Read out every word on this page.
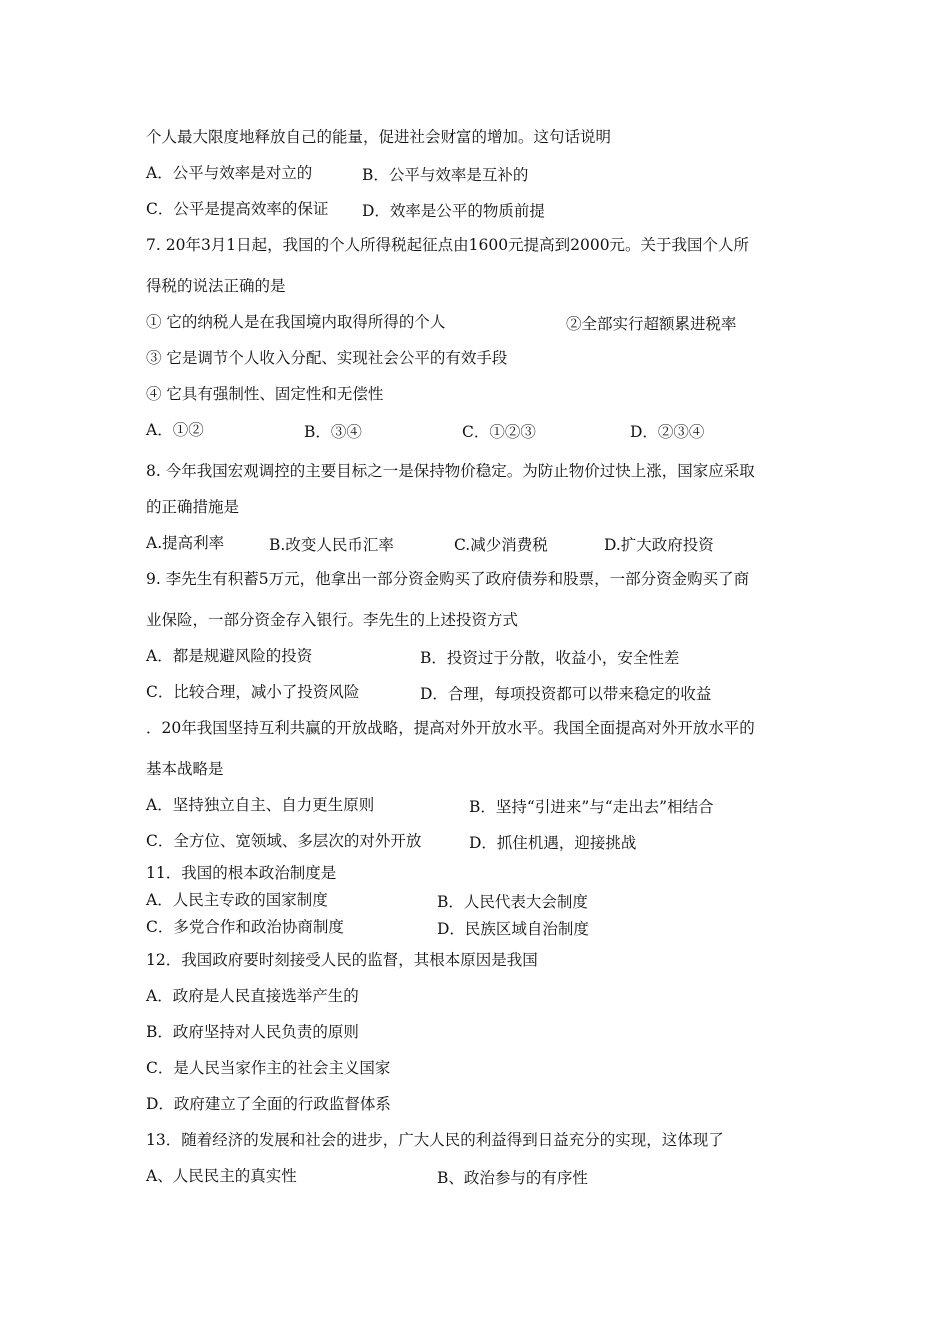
个人最大限度地释放自己的能量，促进社会财富的增加。这句话说明
A．公平与效率是对立的	B．公平与效率是互补的
C．公平是提高效率的保证 D．效率是公平的物质前提
7. 20年3月1日起，我国的个人所得税起征点由1600元提高到2000元。关于我国个人所
得税的说法正确的是
① 它的纳税人是在我国境内取得所得的个人	②全部实行超额累进税率
③ 它是调节个人收入分配、实现社会公平的有效手段
④ 它具有强制性、固定性和无偿性
A．①②	B．③④	C．①②③	D．②③④
8. 今年我国宏观调控的主要目标之一是保持物价稳定。为防止物价过快上涨，国家应采取
的正确措施是
A.提高利率	B.改变人民币汇率	C.减少消费税	D.扩大政府投资
9. 李先生有积蓄5万元，他拿出一部分资金购买了政府债券和股票，一部分资金购买了商
业保险，一部分资金存入银行。李先生的上述投资方式
A．都是规避风险的投资	B．投资过于分散，收益小，安全性差
C．比较合理，减小了投资风险	D．合理，每项投资都可以带来稳定的收益
．20年我国坚持互利共赢的开放战略，提高对外开放水平。我国全面提高对外开放水平的
基本战略是
A．坚持独立自主、自力更生原则	B．坚持“引进来”与“走出去”相结合
C．全方位、宽领域、多层次的对外开放	D．抓住机遇，迎接挑战
11．我国的根本政治制度是
A．人民主专政的国家制度	B．人民代表大会制度
C．多党合作和政治协商制度	D．民族区域自治制度
12．我国政府要时刻接受人民的监督，其根本原因是我国
A．政府是人民直接选举产生的
B．政府坚持对人民负责的原则
C．是人民当家作主的社会主义国家
D．政府建立了全面的行政监督体系
13．随着经济的发展和社会的进步，广大人民的利益得到日益充分的实现，这体现了
A、人民民主的真实性	B、政治参与的有序性
